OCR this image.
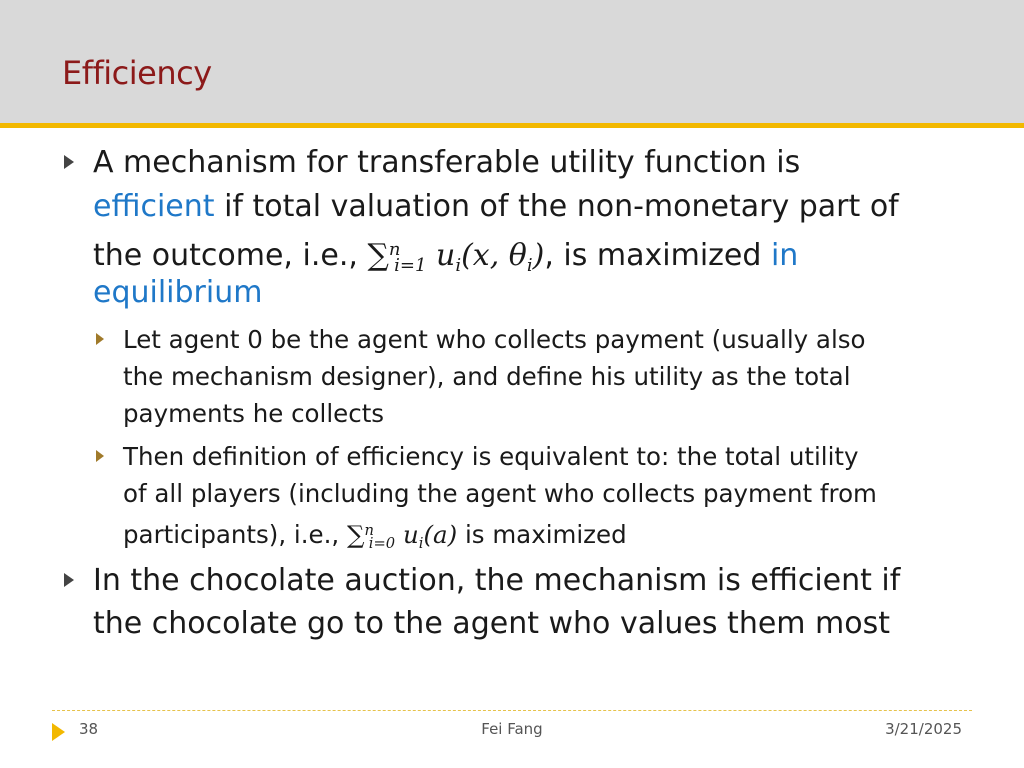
Efficiency
A mechanism for transferable utility function is
efficient if total valuation of the non-monetary part of
the outcome, i.e., ∑$^n_{i=1}$ $u_i(x$, $\theta_i$), is maximized in
equilibrium
Let agent 0 be the agent who collects payment (usually also
the mechanism designer), and define his utility as the total
payments he collects
Then definition of efficiency is equivalent to: the total utility
of all players (including the agent who collects payment from
participants), i.e., ∑$^n_{i=0}$ $u_i(a)$ is maximized
In the chocolate auction, the mechanism is efficient if
the chocolate go to the agent who values them most
38	Fei Fang	3/21/2025
